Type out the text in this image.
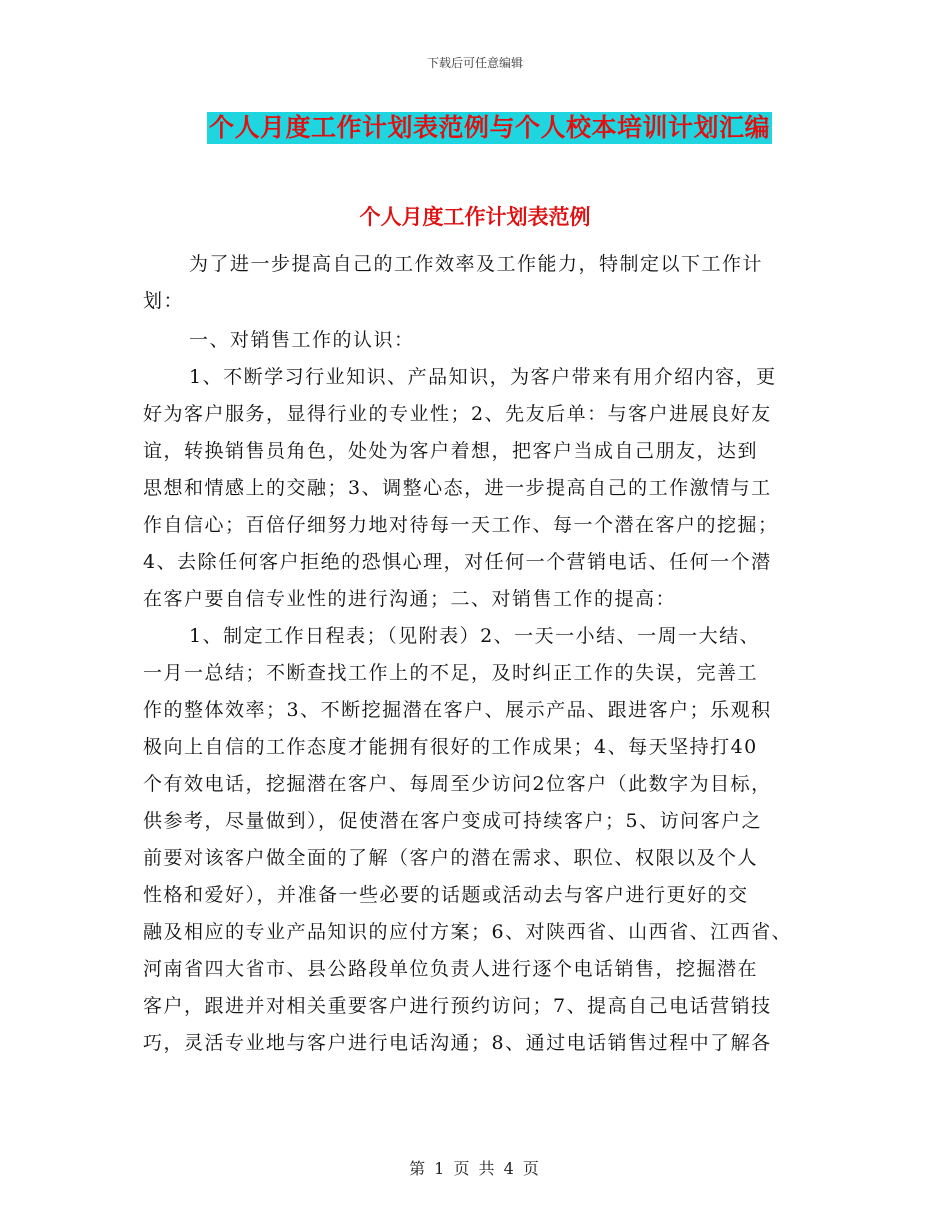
下载后可任意编辑
个人月度工作计划表范例与个人校本培训计划汇编
个人月度工作计划表范例
为了进一步提高自己的工作效率及工作能力，特制定以下工作计
划：
一、对销售工作的认识：
1、不断学习行业知识、产品知识，为客户带来有用介绍内容，更
好为客户服务，显得行业的专业性；2、先友后单：与客户进展良好友
谊，转换销售员角色，处处为客户着想，把客户当成自己朋友，达到
思想和情感上的交融；3、调整心态，进一步提高自己的工作激情与工
作自信心；百倍仔细努力地对待每一天工作、每一个潜在客户的挖掘；
4、去除任何客户拒绝的恐惧心理，对任何一个营销电话、任何一个潜
在客户要自信专业性的进行沟通；二、对销售工作的提高：
1、制定工作日程表；（见附表）2、一天一小结、一周一大结、
一月一总结；不断查找工作上的不足，及时纠正工作的失误，完善工
作的整体效率；3、不断挖掘潜在客户、展示产品、跟进客户；乐观积
极向上自信的工作态度才能拥有很好的工作成果；4、每天坚持打40
个有效电话，挖掘潜在客户、每周至少访问2位客户（此数字为目标，
供参考，尽量做到），促使潜在客户变成可持续客户；5、访问客户之
前要对该客户做全面的了解（客户的潜在需求、职位、权限以及个人
性格和爱好），并准备一些必要的话题或活动去与客户进行更好的交
融及相应的专业产品知识的应付方案；6、对陕西省、山西省、江西省、
河南省四大省市、县公路段单位负责人进行逐个电话销售，挖掘潜在
客户，跟进并对相关重要客户进行预约访问；7、提高自己电话营销技
巧，灵活专业地与客户进行电话沟通；8、通过电话销售过程中了解各
第 1 页 共 4 页
